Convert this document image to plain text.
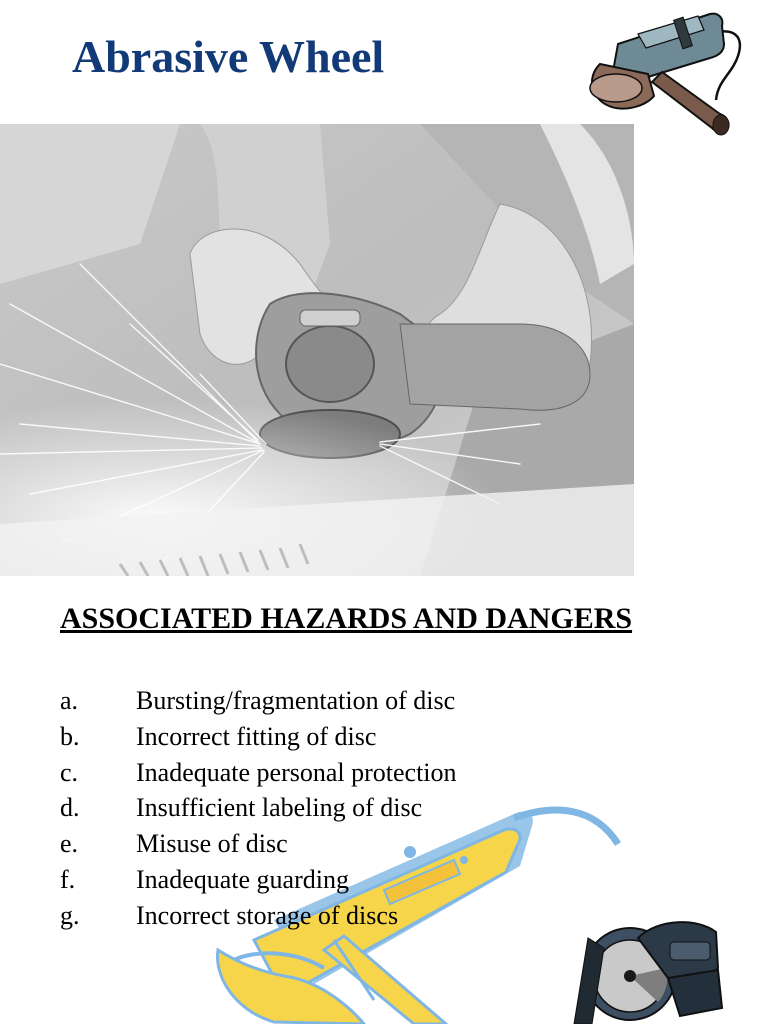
Abrasive Wheel
ASSOCIATED HAZARDS AND DANGERS
a. Bursting/fragmentation of disc
b. Incorrect fitting of disc
c. Inadequate personal protection
d. Insufficient labeling of disc
e. Misuse of disc
f. Inadequate guarding
g. Incorrect storage of discs
